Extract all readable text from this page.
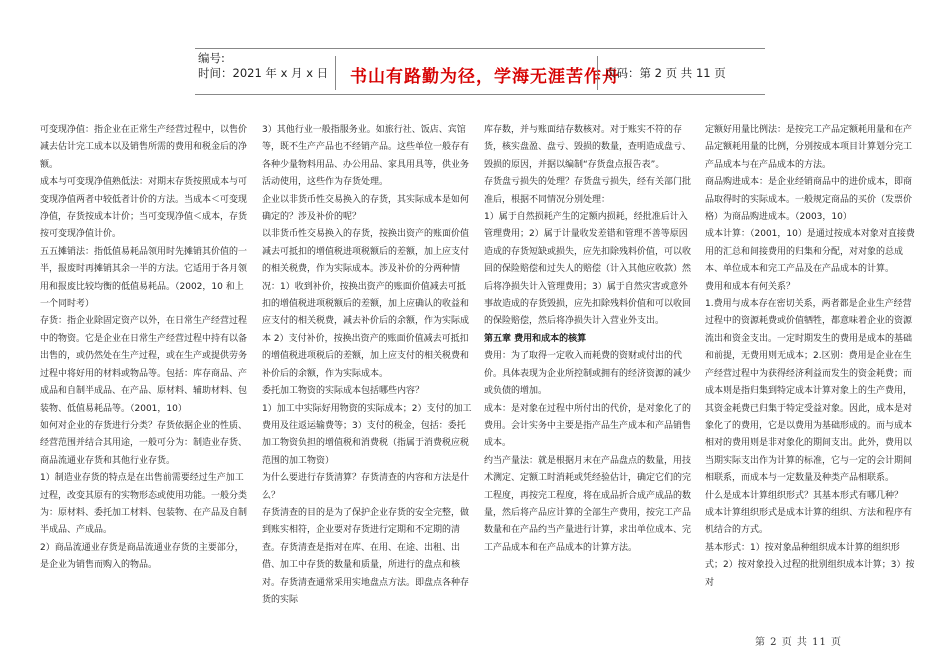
编号:
时间：2021 年 x 月 x 日 书山有路勤为径，学海无涯苦作舟
页码：第 2 页 共 11 页

可变现净值：指企业在正常生产经营过程中，以售价减去估计完工成本以及销售所需的费用和税金后的净额。

成本与可变现净值熟低法：对期末存货按照成本与可变现净值两者中较低者计价的方法。当成本＜可变现净值，存货按成本计价；当可变现净值＜成本，存货按可变现净值计价。

五五摊销法：指低值易耗品领用时先摊销其价值的一半，报废时再摊销其余一半的方法。它适用于各月领用和报废比较均衡的低值易耗品。（2002，10 和上一个同时考）

存货：指企业除固定资产以外，在日常生产经营过程中的物资。它是企业在日常生产经营过程中持有以备出售的，或仍然处在生产过程，或在生产或提供劳务过程中将好用的材料或物品等。包括：库存商品、产成品和自制半成品、在产品、原材料、辅助材料、包装物、低值易耗品等。（2001，10）

如何对企业的存货进行分类？存货依据企业的性质、经营范围并结合其用途，一般可分为：制造业存货、商品流通业存货和其他行业存货。

1）制造业存货的特点是在出售前需要经过生产加工过程，改变其原有的实物形态或使用功能。一般分类为：原材料、委托加工材料、包装物、在产品及自制半成品、产成品。

2）商品流通业存货是商品流通业存货的主要部分，是企业为销售而购入的物品。

3）其他行业一般指服务业。如旅行社、饭店、宾馆等，既不生产产品也不经销产品。这些单位一般存有各种少量物料用品、办公用品、家具用具等，供业务活动使用，这些作为存货处理。

企业以非货币性交易换入的存货，其实际成本是如何确定的？涉及补价的呢？

以非货币性交易换入的存货，按换出资产的账面价值减去可抵扣的增值税进项税额后的差额，加上应支付的相关税费，作为实际成本。涉及补价的分两种情况：1）收到补价，按换出资产的账面价值减去可抵扣的增值税进项税额后的差额，加上应确认的收益和应支付的相关税费，减去补价后的余额，作为实际成本 2）支付补价，按换出资产的账面价值减去可抵扣的增值税进项税后的差额，加上应支付的相关税费和补价后的余额，作为实际成本。

委托加工物资的实际成本包括哪些内容？

1）加工中实际好用物资的实际成本；2）支付的加工费用及往返运输费等；3）支付的税金，包括：委托加工物资负担的增值税和消费税（指属于消费税应税范围的加工物资）

为什么要进行存货清算？存货清查的内容和方法是什么？

存货清查的目的是为了保护企业存货的安全完整，做到账实相符，企业要对存货进行定期和不定期的清查。存货清查是指对在库、在用、在途、出租、出借、加工中存货的数量和质量，所进行的盘点和核对。存货清查通常采用实地盘点方法。即盘点各种存货的实际

库存数，并与账面结存数核对。对于账实不符的存货，核实盘盈、盘亏、毁损的数量，查明造成盘亏、毁损的原因，并据以编制“存货盘点报告表”。

存货盘亏损失的处理？存货盘亏损失，经有关部门批准后，根据不同情况分别处理：

1）属于自然损耗产生的定额内损耗，经批准后计入管理费用；2）属于计量收发差错和管理不善等原因造成的存货短缺或损失，应先扣除残料价值，可以收回的保险赔偿和过失人的赔偿（计入其他应收款）然后将净损失计入管理费用；3）属于自然灾害或意外事故造成的存货毁损，应先扣除残料价值和可以收回的保险赔偿，然后将净损失计入营业外支出。

第五章 费用和成本的核算

费用：为了取得一定收入而耗费的资财或付出的代价。具体表现为企业所控制或拥有的经济资源的减少或负债的增加。

成本：是对象在过程中所付出的代价，是对象化了的费用。会计实务中主要是指产品生产成本和产品销售成本。

约当产量法：就是根据月末在产品盘点的数量，用技术测定、定额工时消耗或凭经验估计，确定它们的完工程度，再按完工程度，将在成品折合成产成品的数量，然后将产品应计算的全部生产费用，按完工产品数量和在产品约当产量进行计算，求出单位成本、完工产品成本和在产品成本的计算方法。

定额好用量比例法：是按完工产品定额耗用量和在产品定额耗用量的比例，分别按成本项目计算划分完工产品成本与在产品成本的方法。

商品购进成本：是企业经销商品中的进价成本，即商品取得时的实际成本。一般规定商品的买价（发票价格）为商品购进成本。（2003，10）

成本计算：（2001，10）是通过按成本对象对直接费用的汇总和间接费用的归集和分配，对对象的总成本、单位成本和完工产品及在产品成本的计算。

费用和成本有何关系？

1.费用与成本存在密切关系，两者都是企业生产经营过程中的资源耗费或价值牺牲，都意味着企业的资源流出和资金支出。一定时期发生的费用是成本的基础和前提，无费用则无成本；2.区别：费用是企业在生产经营过程中为获得经济利益而发生的资金耗费；而成本则是指归集到特定成本计算对象上的生产费用，其资金耗费已归集于特定受益对象。因此，成本是对象化了的费用，它是以费用为基础形成的。而与成本相对的费用则是非对象化的期间支出。此外，费用以当期实际支出作为计算的标准，它与一定的会计期间相联系，而成本与一定数量及种类产品相联系。

什么是成本计算组织形式？其基本形式有哪几种？

成本计算组织形式是成本计算的组织、方法和程序有机结合的方式。

基本形式：1）按对象品种组织成本计算的组织形式；2）按对象投入过程的批别组织成本计算；3）按对

第 2 页 共 11 页
